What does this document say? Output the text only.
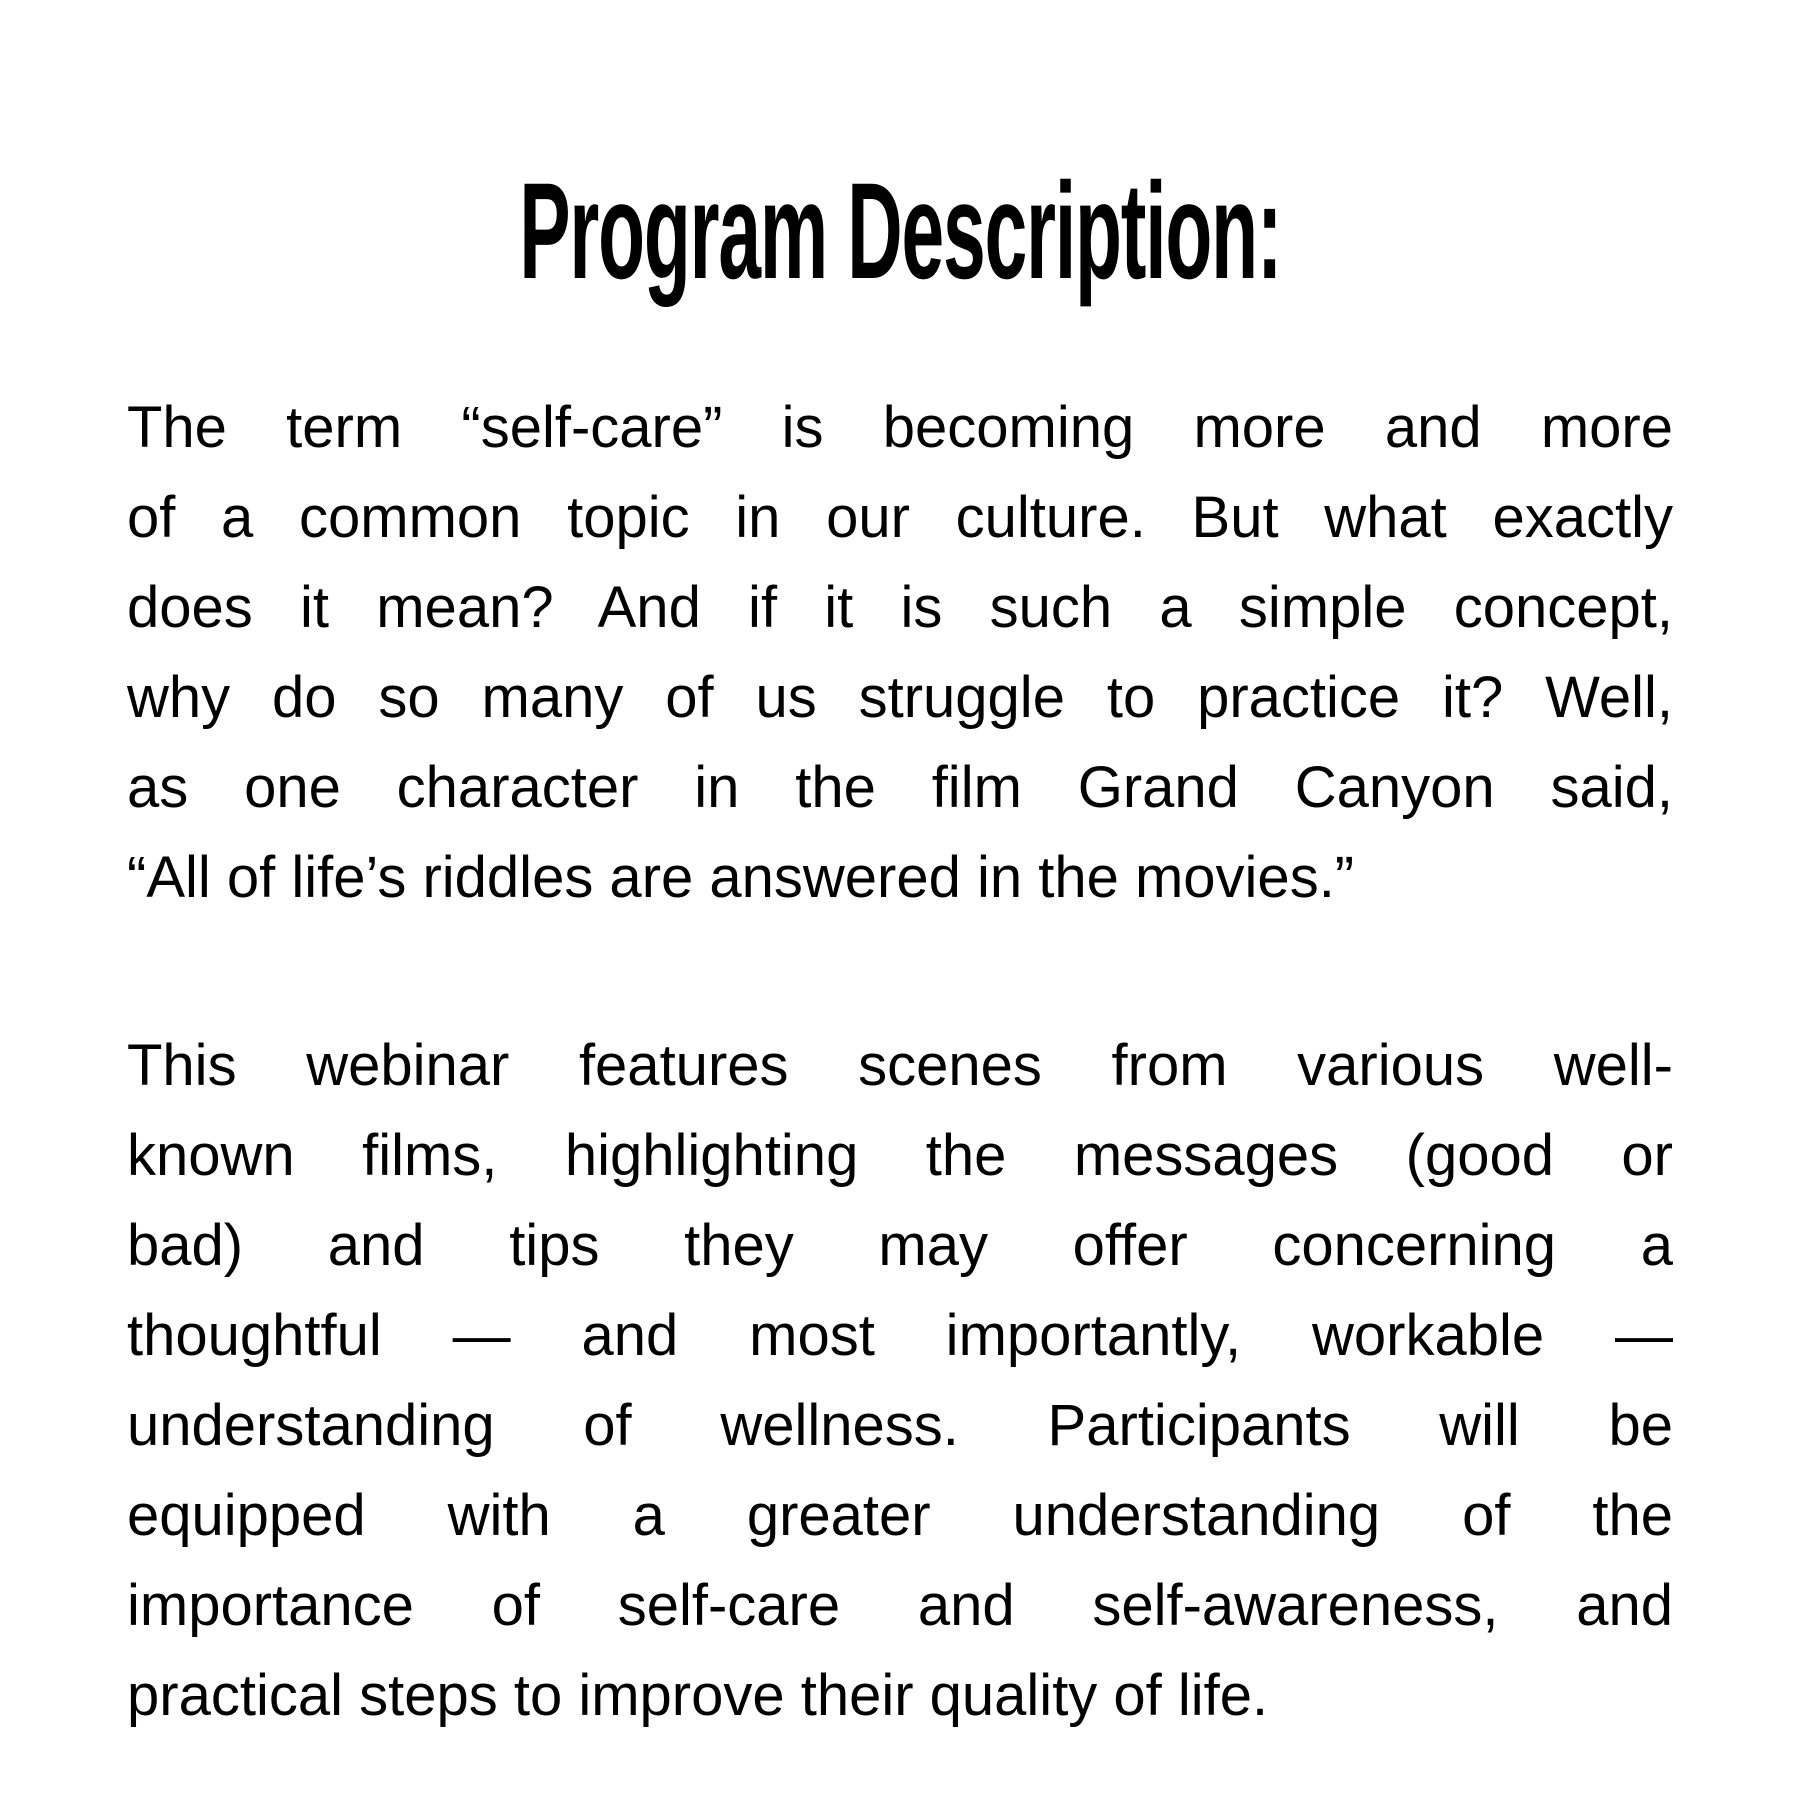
Program Description:
The term “self-care” is becoming more and more
of a common topic in our culture. But what exactly
does it mean? And if it is such a simple concept,
why do so many of us struggle to practice it? Well,
as one character in the film Grand Canyon said,
“All of life’s riddles are answered in the movies.”
This webinar features scenes from various well-
known films, highlighting the messages (good or
bad) and tips they may offer concerning a
thoughtful — and most importantly, workable —
understanding of wellness. Participants will be
equipped with a greater understanding of the
importance of self-care and self-awareness, and
practical steps to improve their quality of life.
